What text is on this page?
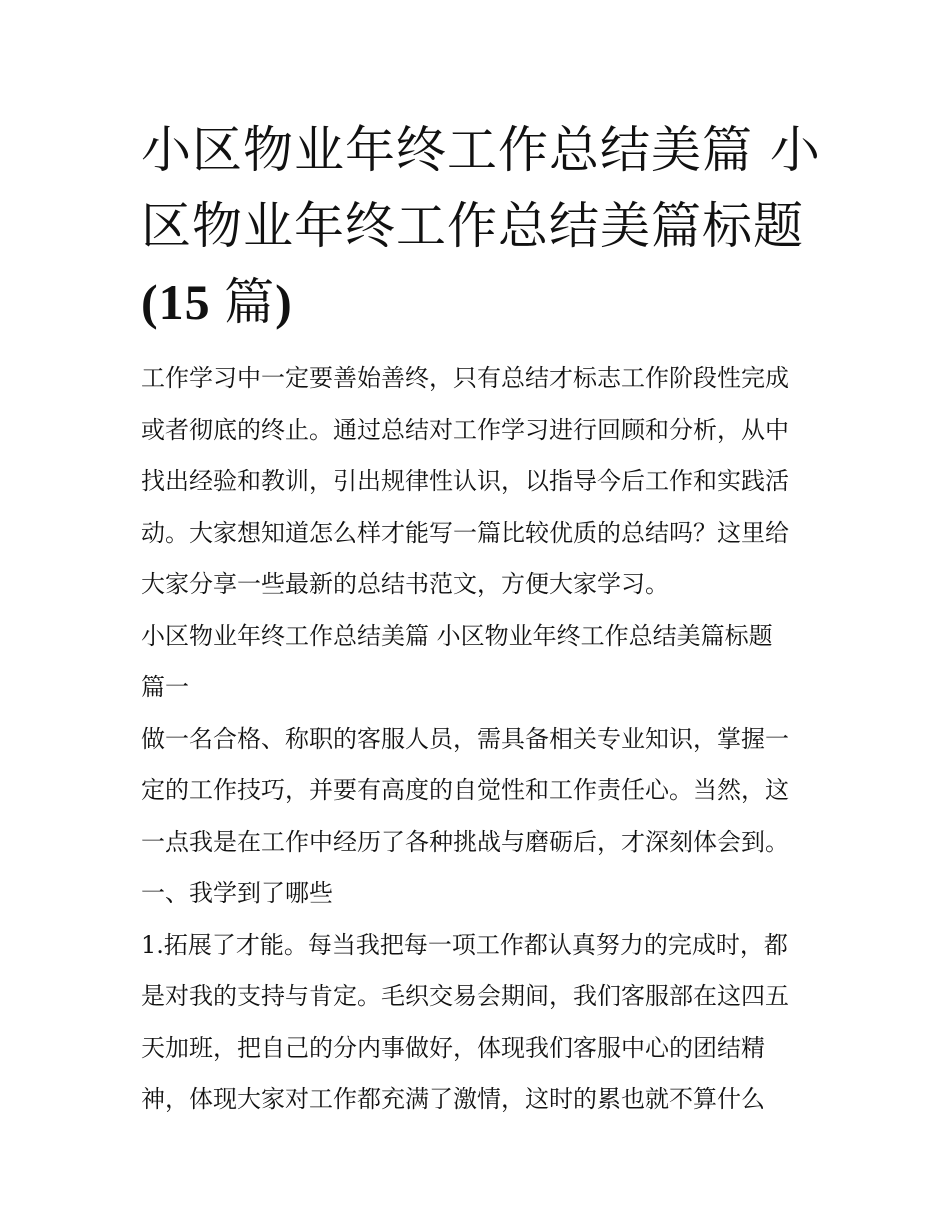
小区物业年终工作总结美篇 小
区物业年终工作总结美篇标题
(15 篇)

工作学习中一定要善始善终，只有总结才标志工作阶段性完成

或者彻底的终止。通过总结对工作学习进行回顾和分析，从中

找出经验和教训，引出规律性认识，以指导今后工作和实践活

动。大家想知道怎么样才能写一篇比较优质的总结吗？这里给

大家分享一些最新的总结书范文，方便大家学习。

小区物业年终工作总结美篇 小区物业年终工作总结美篇标题

篇一

做一名合格、称职的客服人员，需具备相关专业知识，掌握一

定的工作技巧，并要有高度的自觉性和工作责任心。当然，这

一点我是在工作中经历了各种挑战与磨砺后，才深刻体会到。

一、我学到了哪些

1.拓展了才能。每当我把每一项工作都认真努力的完成时，都

是对我的支持与肯定。毛织交易会期间，我们客服部在这四五

天加班，把自己的分内事做好，体现我们客服中心的团结精

神，体现大家对工作都充满了激情，这时的累也就不算什么
